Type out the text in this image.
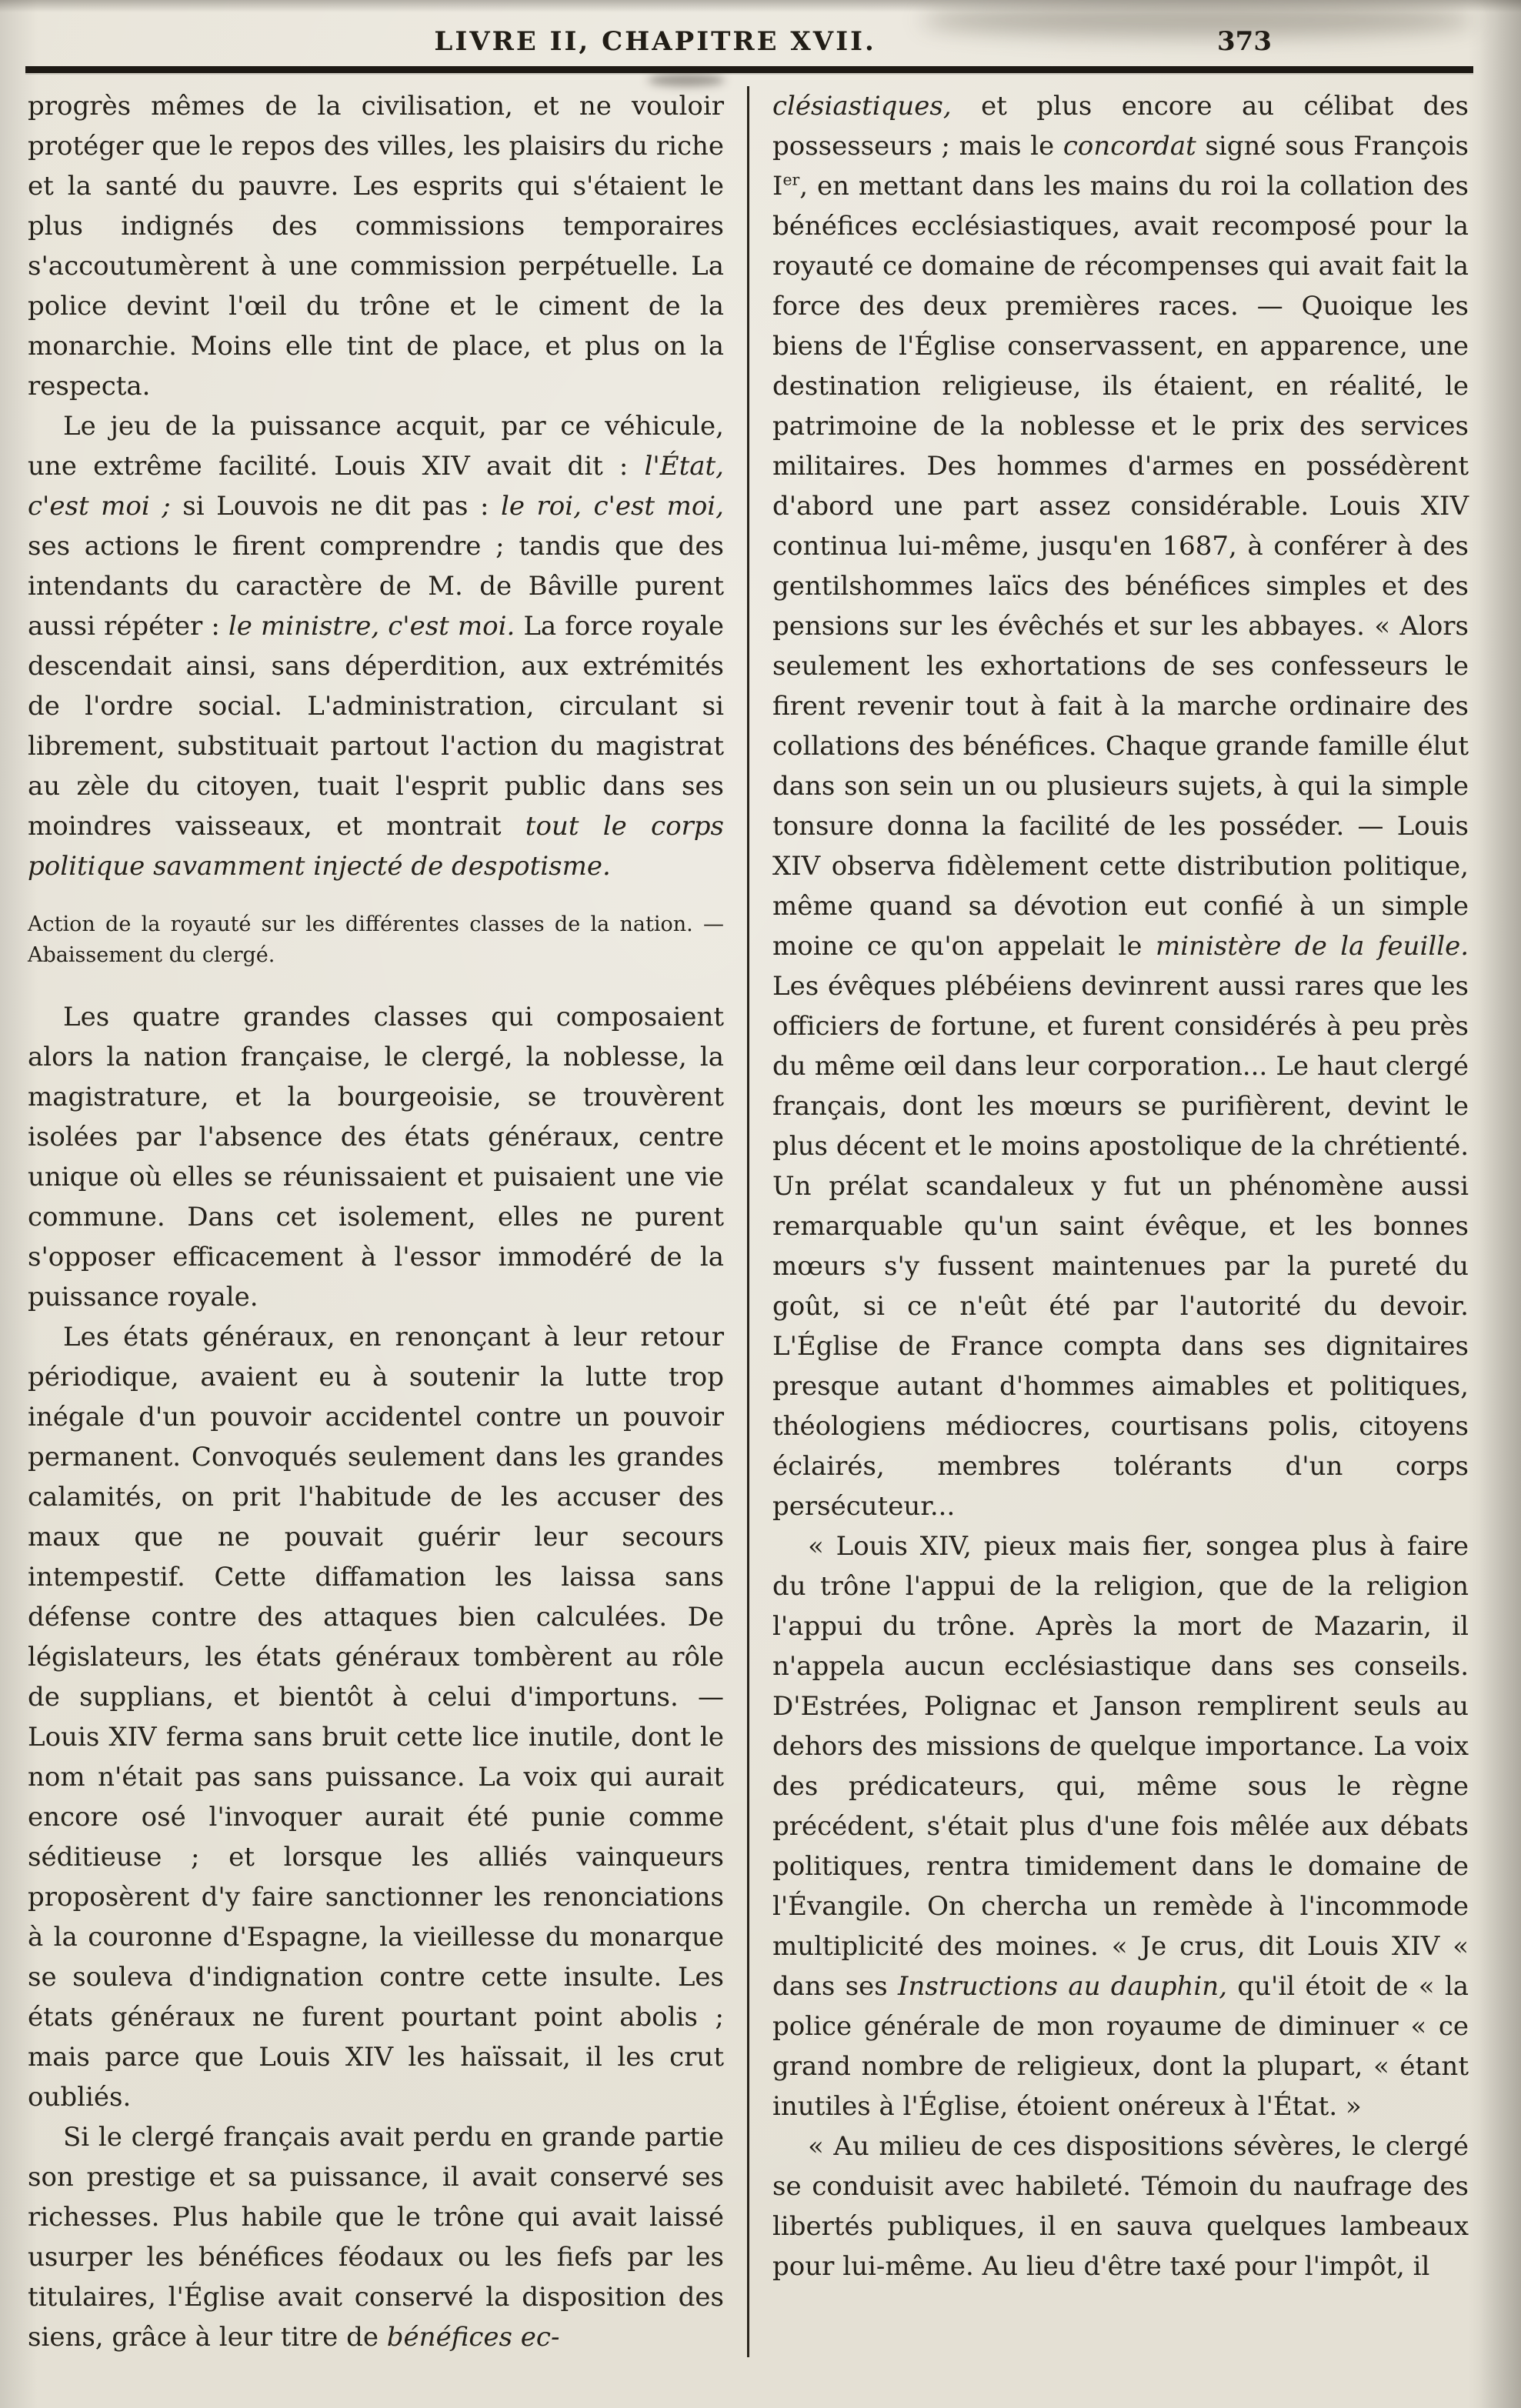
LIVRE II, CHAPITRE XVII.	373

progrès mêmes de la civilisation, et ne vouloir protéger que le repos des villes, les plaisirs du riche et la santé du pauvre. Les esprits qui s'étaient le plus indignés des commissions temporaires s'accoutumèrent à une commission perpétuelle. La police devint l'œil du trône et le ciment de la monarchie. Moins elle tint de place, et plus on la respecta.

Le jeu de la puissance acquit, par ce véhicule, une extrême facilité. Louis XIV avait dit : l'État, c'est moi ; si Louvois ne dit pas : le roi, c'est moi, ses actions le firent comprendre ; tandis que des intendants du caractère de M. de Bâville purent aussi répéter : le ministre, c'est moi. La force royale descendait ainsi, sans déperdition, aux extrémités de l'ordre social. L'administration, circulant si librement, substituait partout l'action du magistrat au zèle du citoyen, tuait l'esprit public dans ses moindres vaisseaux, et montrait tout le corps politique savamment injecté de despotisme.

Action de la royauté sur les différentes classes de la nation. — Abaissement du clergé.

Les quatre grandes classes qui composaient alors la nation française, le clergé, la noblesse, la magistrature, et la bourgeoisie, se trouvèrent isolées par l'absence des états généraux, centre unique où elles se réunissaient et puisaient une vie commune. Dans cet isolement, elles ne purent s'opposer efficacement à l'essor immodéré de la puissance royale.

Les états généraux, en renonçant à leur retour périodique, avaient eu à soutenir la lutte trop inégale d'un pouvoir accidentel contre un pouvoir permanent. Convoqués seulement dans les grandes calamités, on prit l'habitude de les accuser des maux que ne pouvait guérir leur secours intempestif. Cette diffamation les laissa sans défense contre des attaques bien calculées. De législateurs, les états généraux tombèrent au rôle de supplians, et bientôt à celui d'importuns. — Louis XIV ferma sans bruit cette lice inutile, dont le nom n'était pas sans puissance. La voix qui aurait encore osé l'invoquer aurait été punie comme séditieuse ; et lorsque les alliés vainqueurs proposèrent d'y faire sanctionner les renonciations à la couronne d'Espagne, la vieillesse du monarque se souleva d'indignation contre cette insulte. Les états généraux ne furent pourtant point abolis ; mais parce que Louis XIV les haïssait, il les crut oubliés.

Si le clergé français avait perdu en grande partie son prestige et sa puissance, il avait conservé ses richesses. Plus habile que le trône qui avait laissé usurper les bénéfices féodaux ou les fiefs par les titulaires, l'Église avait conservé la disposition des siens, grâce à leur titre de bénéfices ec-

clésiastiques, et plus encore au célibat des possesseurs ; mais le concordat signé sous François Ier, en mettant dans les mains du roi la collation des bénéfices ecclésiastiques, avait recomposé pour la royauté ce domaine de récompenses qui avait fait la force des deux premières races. — Quoique les biens de l'Église conservassent, en apparence, une destination religieuse, ils étaient, en réalité, le patrimoine de la noblesse et le prix des services militaires. Des hommes d'armes en possédèrent d'abord une part assez considérable. Louis XIV continua lui-même, jusqu'en 1687, à conférer à des gentilshommes laïcs des bénéfices simples et des pensions sur les évêchés et sur les abbayes. « Alors seulement les exhortations de ses confesseurs le firent revenir tout à fait à la marche ordinaire des collations des bénéfices. Chaque grande famille élut dans son sein un ou plusieurs sujets, à qui la simple tonsure donna la facilité de les posséder. — Louis XIV observa fidèlement cette distribution politique, même quand sa dévotion eut confié à un simple moine ce qu'on appelait le ministère de la feuille. Les évêques plébéiens devinrent aussi rares que les officiers de fortune, et furent considérés à peu près du même œil dans leur corporation... Le haut clergé français, dont les mœurs se purifièrent, devint le plus décent et le moins apostolique de la chrétienté. Un prélat scandaleux y fut un phénomène aussi remarquable qu'un saint évêque, et les bonnes mœurs s'y fussent maintenues par la pureté du goût, si ce n'eût été par l'autorité du devoir. L'Église de France compta dans ses dignitaires presque autant d'hommes aimables et politiques, théologiens médiocres, courtisans polis, citoyens éclairés, membres tolérants d'un corps persécuteur...

« Louis XIV, pieux mais fier, songea plus à faire du trône l'appui de la religion, que de la religion l'appui du trône. Après la mort de Mazarin, il n'appela aucun ecclésiastique dans ses conseils. D'Estrées, Polignac et Janson remplirent seuls au dehors des missions de quelque importance. La voix des prédicateurs, qui, même sous le règne précédent, s'était plus d'une fois mêlée aux débats politiques, rentra timidement dans le domaine de l'Évangile. On chercha un remède à l'incommode multiplicité des moines. « Je crus, dit Louis XIV « dans ses Instructions au dauphin, qu'il étoit de « la police générale de mon royaume de diminuer « ce grand nombre de religieux, dont la plupart, « étant inutiles à l'Église, étoient onéreux à l'État. »

« Au milieu de ces dispositions sévères, le clergé se conduisit avec habileté. Témoin du naufrage des libertés publiques, il en sauva quelques lambeaux pour lui-même. Au lieu d'être taxé pour l'impôt, il
